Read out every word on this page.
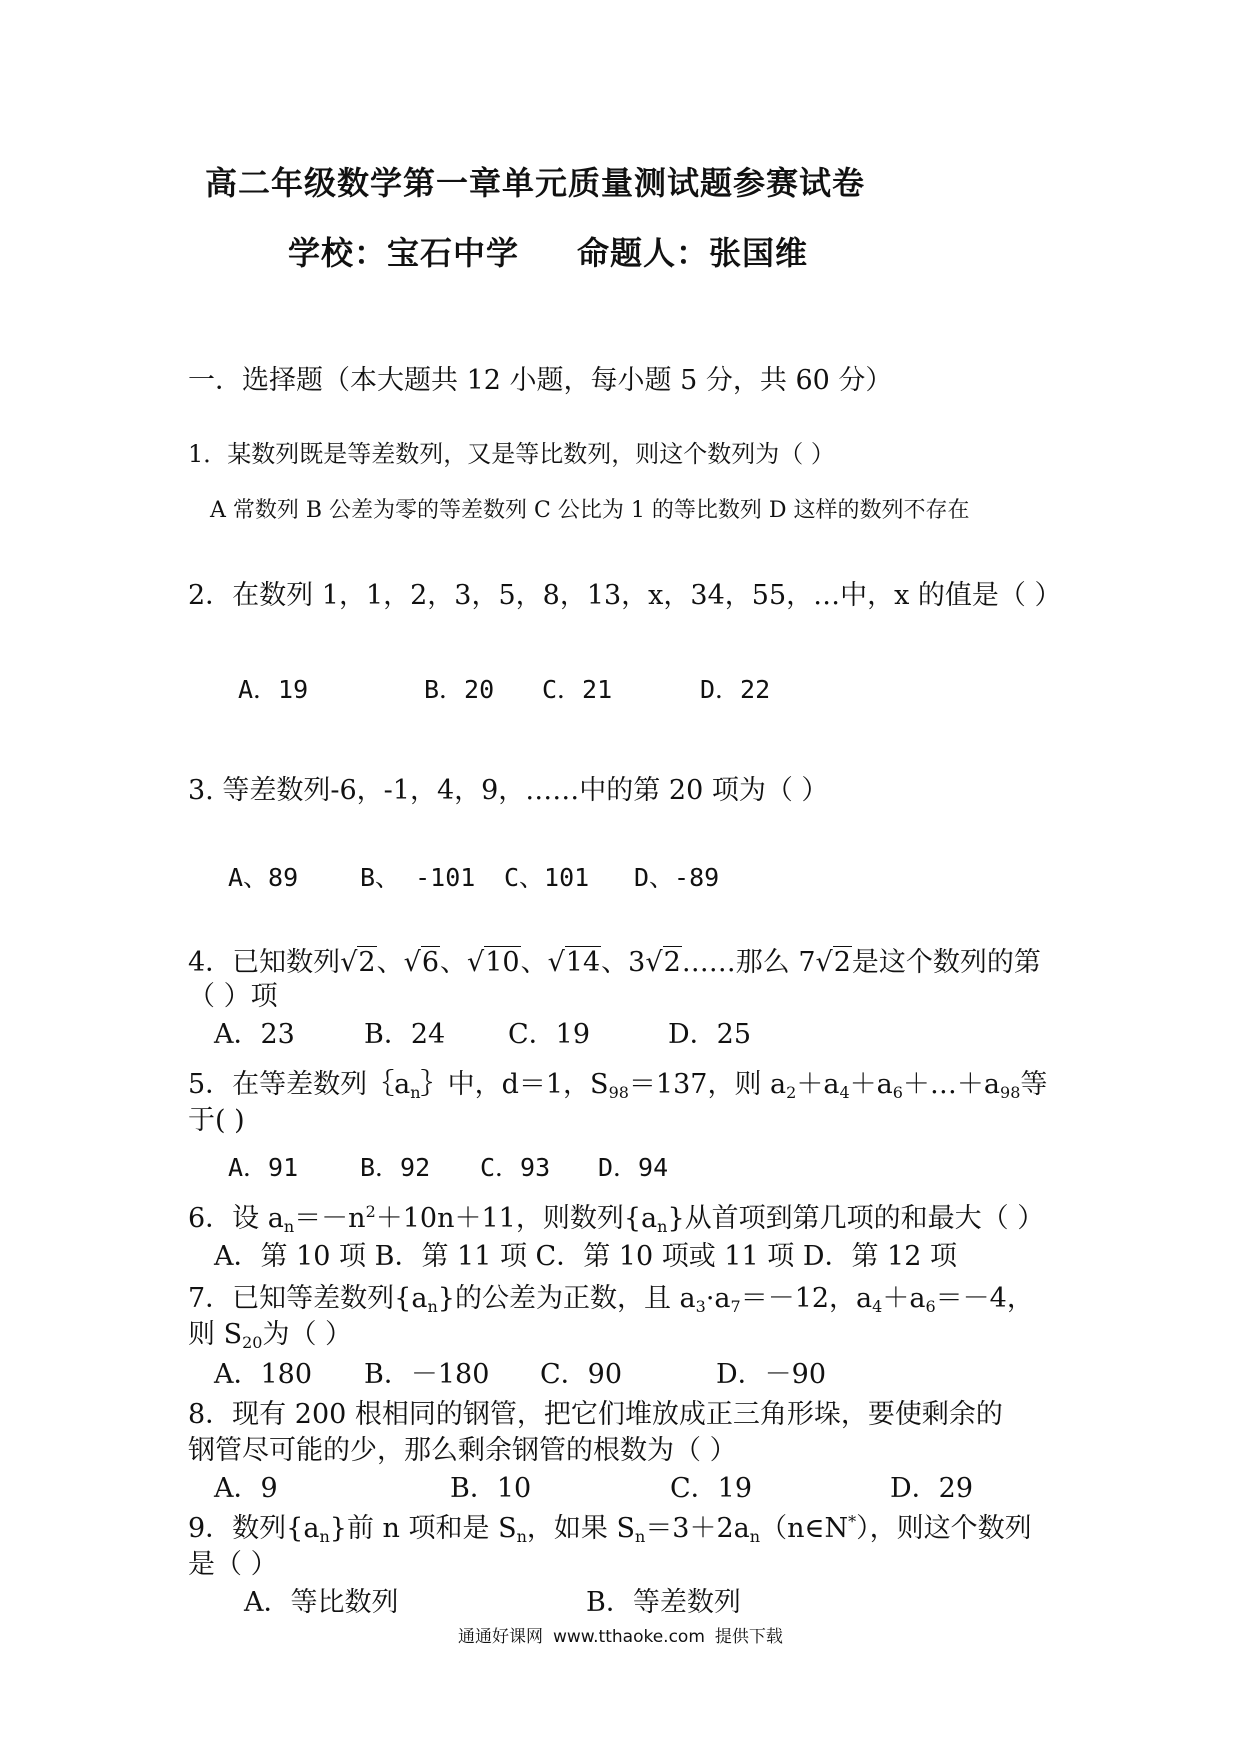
高二年级数学第一章单元质量测试题参赛试卷
学校：宝石中学 命题人：张国维
一．选择题（本大题共 12 小题，每小题 5 分，共 60 分）
1．某数列既是等差数列，又是等比数列，则这个数列为（ ）
A 常数列 B 公差为零的等差数列 C 公比为 1 的等比数列 D 这样的数列不存在
2．在数列 1，1，2，3，5，8，13，x，34，55，…中，x 的值是（ ）
A．19	B．20 C．21	D．22
3. 等差数列-6，-1，4，9，……中的第 20 项为（ ）
A、89 B、 -101 C、101 D、-89
4．已知数列√2、√6、√10、√14、3√2……那么 7√2是这个数列的第
（ ）项
A．23	B．24 C．19	D．25
5．在等差数列$\{a_n\}$中，d＝1，$S_{98}=137$，则 $a_2+a_4+a_6+\dots+a_{98}$等
于( )
A．91 B．92 C．93 D．94
6．设 $a_n=-n^2+10n+11$，则数列$\{a_n\}$从首项到第几项的和最大（ ）
A．第 10 项 B．第 11 项 C．第 10 项或 11 项 D．第 12 项
7．已知等差数列$\{a_n\}$的公差为正数，且 $a_3\cdot a_7=-12$，$a_4+a_6=-4$，
则 $S_{20}$为（ ）
A．180 B．－180 C．90	D．－90
8．现有 200 根相同的钢管，把它们堆放成正三角形垛，要使剩余的
钢管尽可能的少，那么剩余钢管的根数为（ ）
A．9	B．10	C．19	D．29
9．数列$\{a_n\}$前 n 项和是 $S_n$，如果 $S_n=3+2a_n(n\in N^*)$，则这个数列
是（ ）
A．等比数列	B．等差数列
通通好课网 www.tthaoke.com 提供下载
